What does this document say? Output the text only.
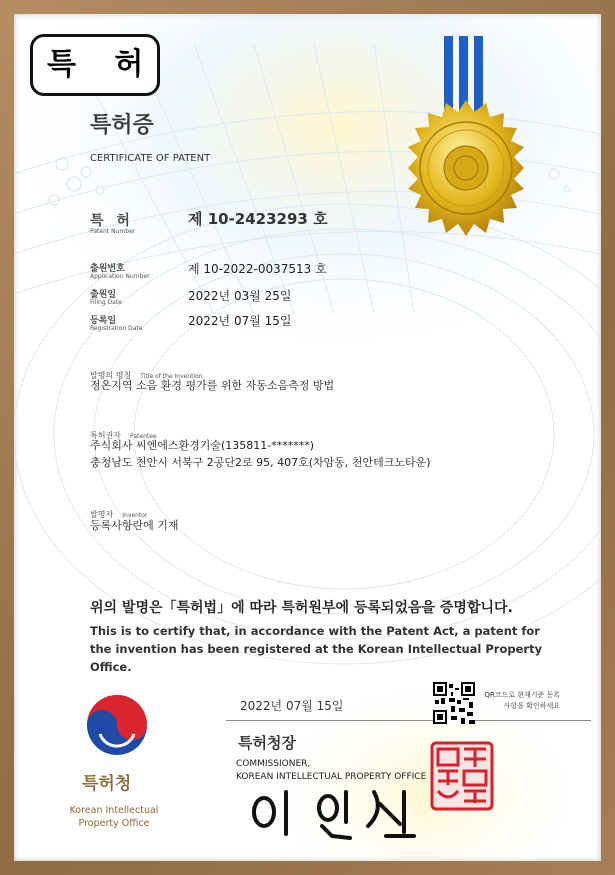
특 허
특허증
CERTIFICATE OF PATENT
특 허
Patent Number
제 10-2423293 호
출원번호
Application Number
제 10-2022-0037513 호
출원일
Filing Date	2022년 03월 25일
등록일
Registration Date
2022년 07월 15일
발명의 명칭 Title of the Invention
정온지역 소음 환경 평가를 위한 자동소음측정 방법
특허권자 Patentee
주식회사 씨엔에스환경기술(135811-*******)
충청남도 천안시 서북구 2공단2로 95, 407호(차암동, 천안테크노타운)
발명자 Inventor
등록사항란에 기재
위의 발명은「특허법」에 따라 특허원부에 등록되었음을 증명합니다.
This is to certify that, in accordance with the Patent Act, a patent for the invention has been registered at the Korean Intellectual Property Office.
2022년 07월 15일
QR코드로 현재기준 등록사항을 확인하세요
특허청장
COMMISSIONER,
KOREAN INTELLECTUAL PROPERTY OFFICE
특허청
Korean Intellectual Property Office
